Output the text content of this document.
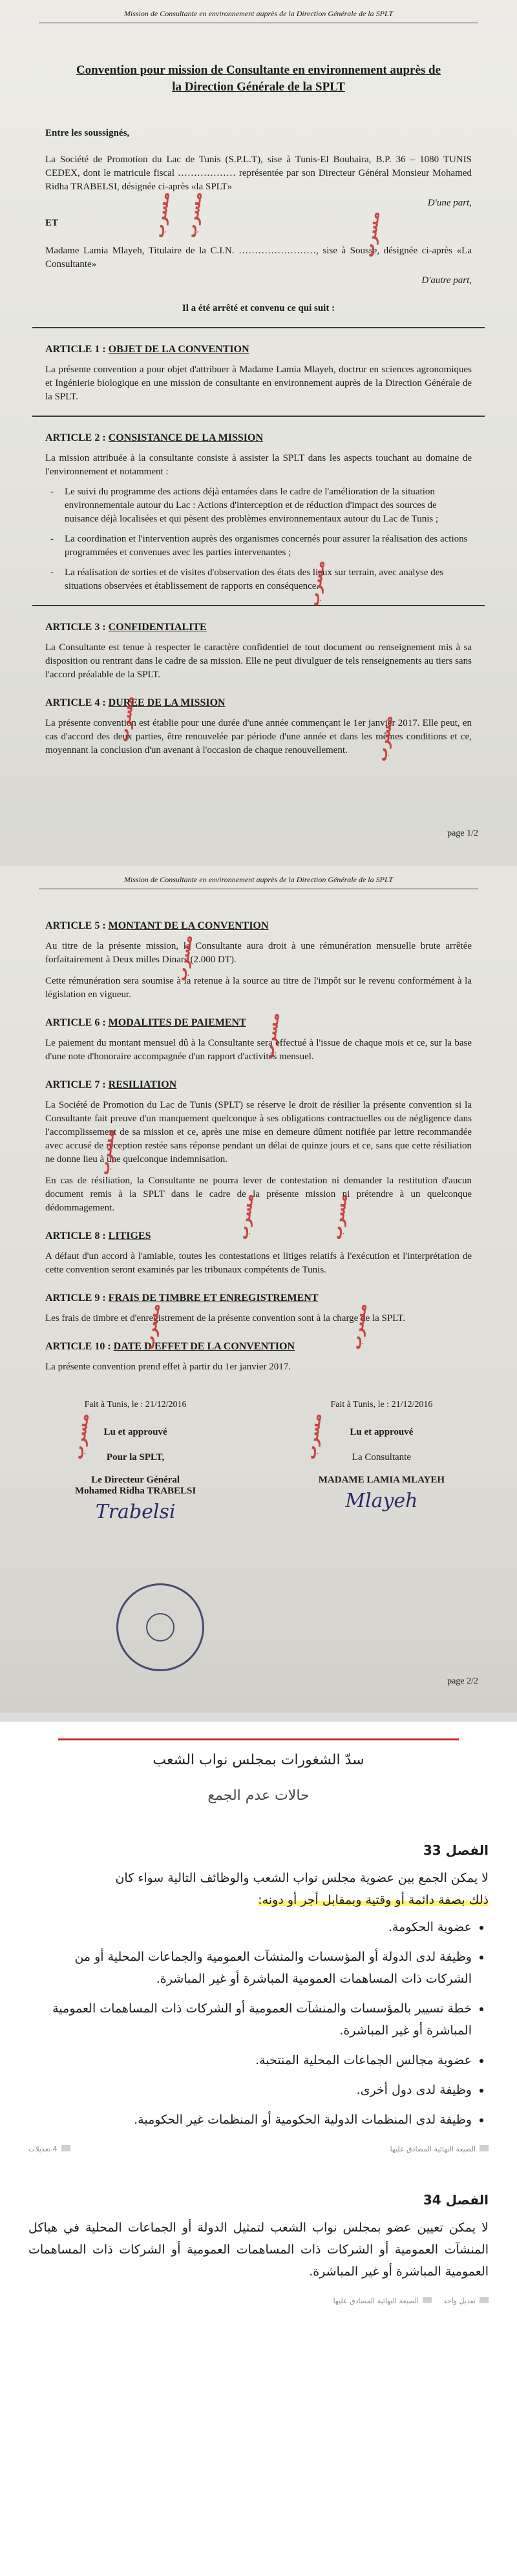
Mission de Consultante en environnement auprès de la Direction Générale de la SPLT
Convention pour mission de Consultante en environnement auprès de la Direction Générale de la SPLT
Entre les soussignés,
La Société de Promotion du Lac de Tunis (S.P.L.T), sise à Tunis-El Bouhaira, B.P. 36 – 1080 TUNIS CEDEX, dont le matricule fiscal ……………… représentée par son Directeur Général Monsieur Mohamed Ridha TRABELSI, désignée ci-après «la SPLT»
D'une part,
ET
Madame Lamia Mlayeh, Titulaire de la C.I.N. ……………………, sise à Sousse, désignée ci-après «La Consultante»
D'autre part,
Il a été arrêté et convenu ce qui suit :
ARTICLE 1 : OBJET DE LA CONVENTION
La présente convention a pour objet d'attribuer à Madame Lamia Mlayeh, doctrur en sciences agronomiques et Ingénierie biologique en une mission de consultante en environnement auprès de la Direction Générale de la SPLT.
ARTICLE 2 : CONSISTANCE DE LA MISSION
La mission attribuée à la consultante consiste à assister la SPLT dans les aspects touchant au domaine de l'environnement et notamment :
- Le suivi du programme des actions déjà entamées dans le cadre de l'amélioration de la situation environnementale autour du Lac : Actions d'interception et de réduction d'impact des sources de nuisance déjà localisées et qui pèsent des problèmes environnementaux autour du Lac de Tunis ;
- La coordination et l'intervention auprès des organismes concernés pour assurer la réalisation des actions programmées et convenues avec les parties intervenantes ;
- La réalisation de sorties et de visites d'observation des états des lieux sur terrain, avec analyse des situations observées et établissement de rapports en conséquence.
ARTICLE 3 : CONFIDENTIALITE
La Consultante est tenue à respecter le caractère confidentiel de tout document ou renseignement mis à sa disposition ou rentrant dans le cadre de sa mission. Elle ne peut divulguer de tels renseignements au tiers sans l'accord préalable de la SPLT.
ARTICLE 4 : DUREE DE LA MISSION
La présente convention est établie pour une durée d'une année commençant le 1er janvier 2017. Elle peut, en cas d'accord des deux parties, être renouvelée par période d'une année et dans les mêmes conditions et ce, moyennant la conclusion d'un avenant à l'occasion de chaque renouvellement.
page 1/2
مسرب مسرب	مسرب
مسرب
مسرب	مسرب
Mission de Consultante en environnement auprès de la Direction Générale de la SPLT
ARTICLE 5 : MONTANT DE LA CONVENTION
Au titre de la présente mission, la Consultante aura droit à une rémunération mensuelle brute arrêtée forfaitairement à Deux milles Dinars (2.000 DT).
Cette rémunération sera soumise à la retenue à la source au titre de l'impôt sur le revenu conformément à la législation en vigueur.
ARTICLE 6 : MODALITES DE PAIEMENT
Le paiement du montant mensuel dû à la Consultante sera effectué à l'issue de chaque mois et ce, sur la base d'une note d'honoraire accompagnée d'un rapport d'activités mensuel.
ARTICLE 7 : RESILIATION
La Société de Promotion du Lac de Tunis (SPLT) se réserve le droit de résilier la présente convention si la Consultante fait preuve d'un manquement quelconque à ses obligations contractuelles ou de négligence dans l'accomplissement de sa mission et ce, après une mise en demeure dûment notifiée par lettre recommandée avec accusé de réception restée sans réponse pendant un délai de quinze jours et ce, sans que cette résiliation ne donne lieu à une quelconque indemnisation.
En cas de résiliation, la Consultante ne pourra lever de contestation ni demander la restitution d'aucun document remis à la SPLT dans le cadre de la présente mission ni prétendre à un quelconque dédommagement.
ARTICLE 8 : LITIGES
A défaut d'un accord à l'amiable, toutes les contestations et litiges relatifs à l'exécution et l'interprétation de cette convention seront examinés par les tribunaux compétents de Tunis.
ARTICLE 9 : FRAIS DE TIMBRE ET ENREGISTREMENT
Les frais de timbre et d'enregistrement de la présente convention sont à la charge de la SPLT.
ARTICLE 10 : DATE D'EFFET DE LA CONVENTION
La présente convention prend effet à partir du 1er janvier 2017.
Fait à Tunis, le : 21/12/2016	Fait à Tunis, le : 21/12/2016
Lu et approuvé
Pour la SPLT,
Le Directeur Général
Mohamed Ridha TRABELSI
Trabelsi
Lu et approuvé
La Consultante
MADAME LAMIA MLAYEH
Mlayeh
page 2/2
مسرب
مسرب
مسرب
مسرب	مسرب
مسرب	مسرب
مسرب	مسرب
سدّ الشغورات بمجلس نواب الشعب
حالات عدم الجمع
الفصل 33
لا يمكن الجمع بين عضوية مجلس نواب الشعب والوظائف التالية سواء كان
ذلك بصفة دائمة أو وقتية وبمقابل أجر أو دونه:
• عضوية الحكومة.
• وظيفة لدى الدولة أو المؤسسات والمنشآت العمومية والجماعات المحلية أو من الشركات ذات المساهمات العمومية المباشرة أو غير المباشرة.
• خطة تسيير بالمؤسسات والمنشآت العمومية أو الشركات ذات المساهمات العمومية المباشرة أو غير المباشرة.
• عضوية مجالس الجماعات المحلية المنتخبة.
• وظيفة لدى دول أخرى.
• وظيفة لدى المنظمات الدولية الحكومية أو المنظمات غير الحكومية.
الصيغة النهائية المصادق عليها
4 تعديلات
الفصل 34
لا يمكن تعيين عضو بمجلس نواب الشعب لتمثيل الدولة أو الجماعات المحلية في هياكل المنشآت العمومية أو الشركات ذات المساهمات العمومية أو الشركات ذات المساهمات العمومية المباشرة أو غير المباشرة.
تعديل واحد
الصيغة النهائية المصادق عليها
